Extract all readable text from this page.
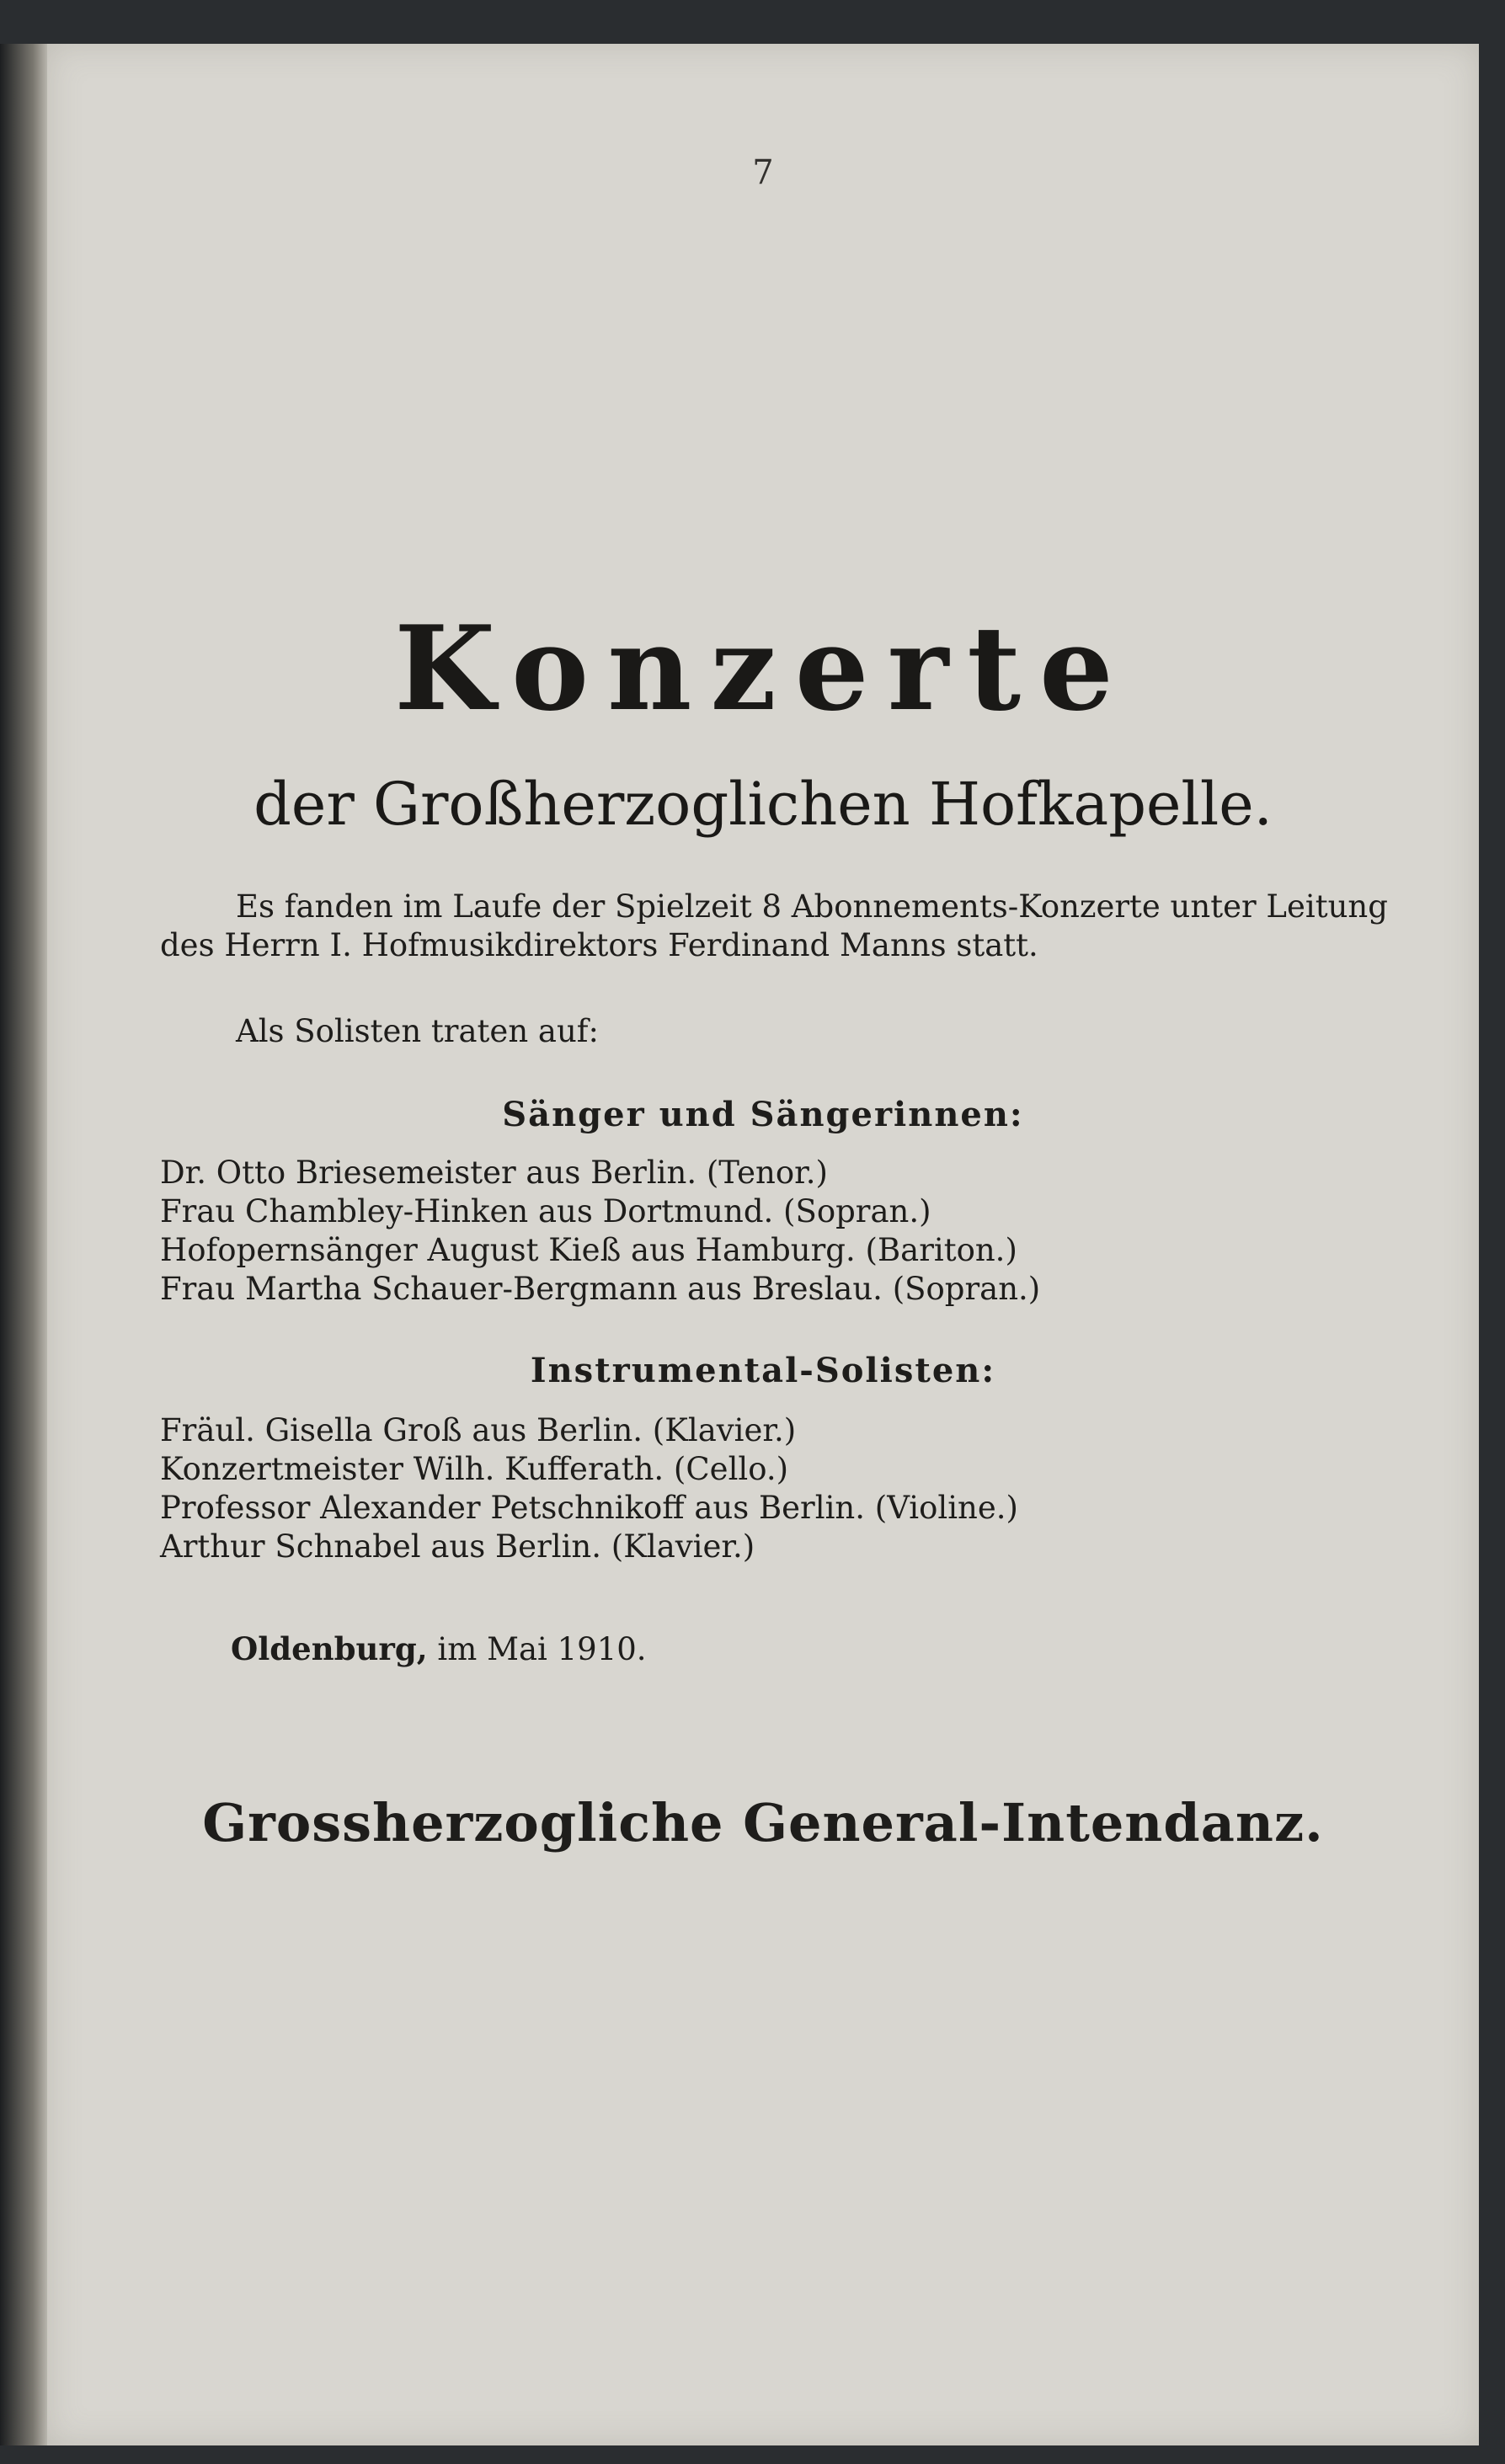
7
Konzerte
der Großherzoglichen Hofkapelle.
Es fanden im Laufe der Spielzeit 8 Abonnements-Konzerte unter Leitung
des Herrn I. Hofmusikdirektors Ferdinand Manns statt.
Als Solisten traten auf:
Sänger und Sängerinnen:
Dr. Otto Briesemeister aus Berlin. (Tenor.)
Frau Chambley-Hinken aus Dortmund. (Sopran.)
Hofopernsänger August Kieß aus Hamburg. (Bariton.)
Frau Martha Schauer-Bergmann aus Breslau. (Sopran.)
Instrumental-Solisten:
Fräul. Gisella Groß aus Berlin. (Klavier.)
Konzertmeister Wilh. Kufferath. (Cello.)
Professor Alexander Petschnikoff aus Berlin. (Violine.)
Arthur Schnabel aus Berlin. (Klavier.)
Oldenburg, im Mai 1910.
Grossherzogliche General-Intendanz.
